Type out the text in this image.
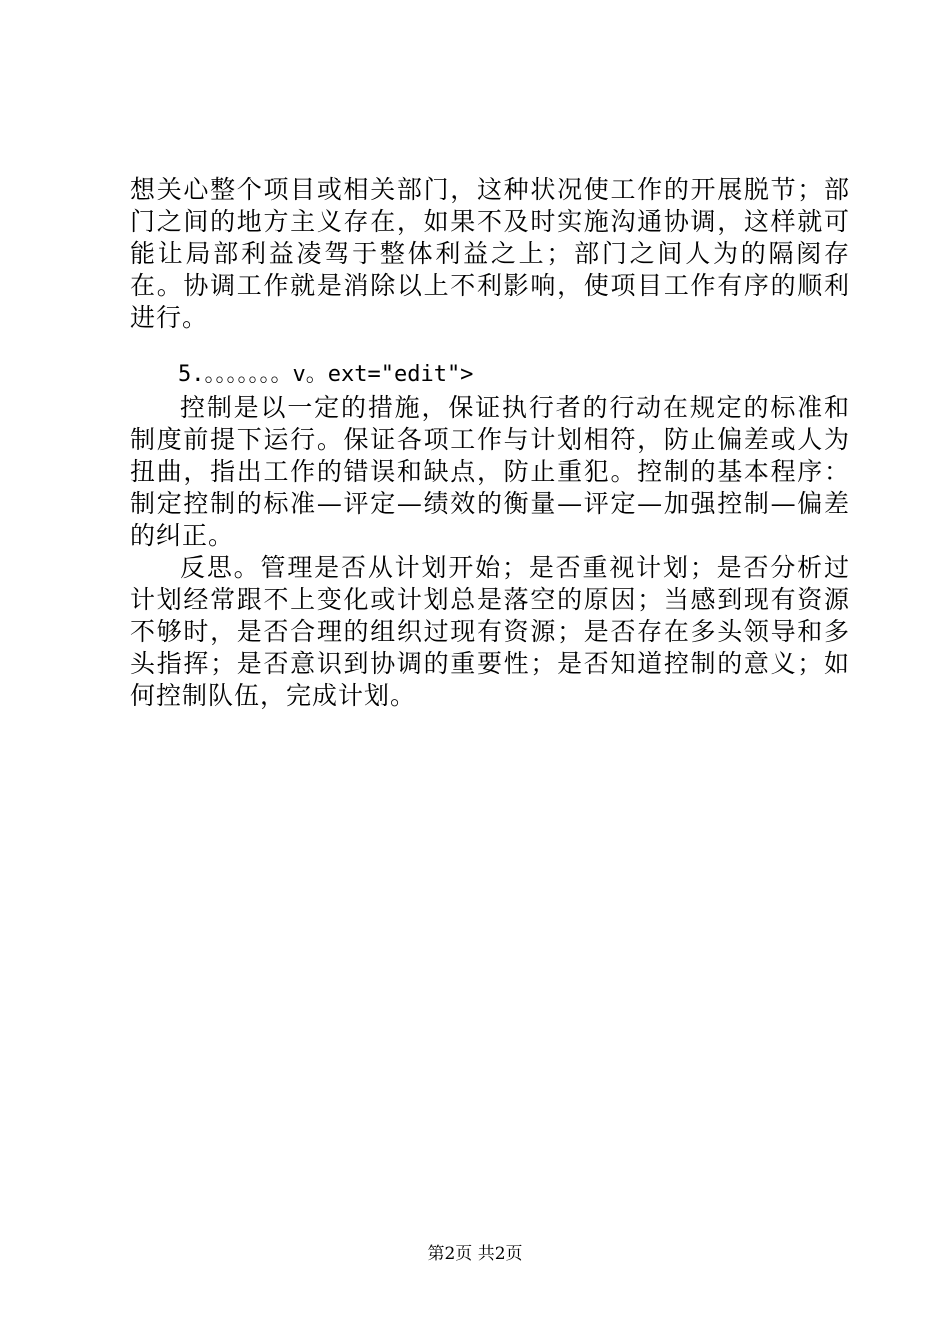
想关心整个项目或相关部门，这种状况使工作的开展脱节；部门之间的地方主义存在，如果不及时实施沟通协调，这样就可能让局部利益凌驾于整体利益之上；部门之间人为的隔阂存在。协调工作就是消除以上不利影响，使项目工作有序的顺利进行。

5.。。。。。。。v。ext="edit">

控制是以一定的措施，保证执行者的行动在规定的标准和制度前提下运行。保证各项工作与计划相符，防止偏差或人为扭曲，指出工作的错误和缺点，防止重犯。控制的基本程序：制定控制的标准—评定—绩效的衡量—评定—加强控制—偏差的纠正。

反思。管理是否从计划开始；是否重视计划；是否分析过计划经常跟不上变化或计划总是落空的原因；当感到现有资源不够时，是否合理的组织过现有资源；是否存在多头领导和多头指挥；是否意识到协调的重要性；是否知道控制的意义；如何控制队伍，完成计划。

第2页 共2页
